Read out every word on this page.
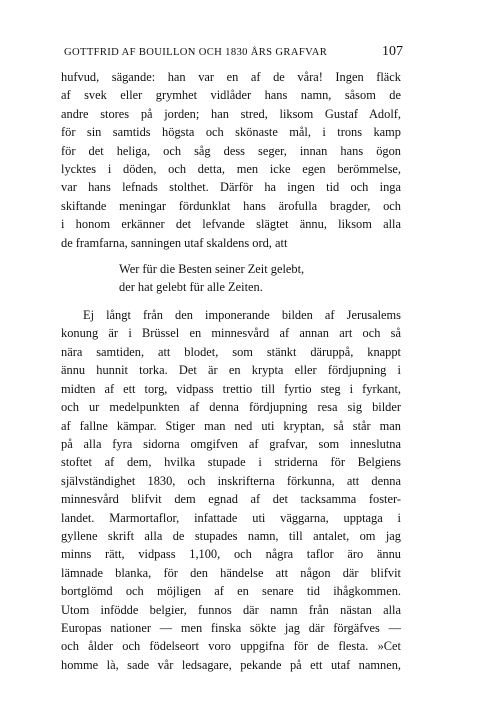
GOTTFRID AF BOUILLON OCH 1830 ÅRS GRAFVAR	107
hufvud, sägande: han var en af de våra! Ingen fläck
af svek eller grymhet vidlåder hans namn, såsom de
andre stores på jorden; han stred, liksom Gustaf Adolf,
för sin samtids högsta och skönaste mål, i trons kamp
för det heliga, och såg dess seger, innan hans ögon
lycktes i döden, och detta, men icke egen berömmelse,
var hans lefnads stolthet. Därför ha ingen tid och inga
skiftande meningar fördunklat hans ärofulla bragder, och
i honom erkänner det lefvande slägtet ännu, liksom alla
de framfarna, sanningen utaf skaldens ord, att
Wer für die Besten seiner Zeit gelebt,
der hat gelebt für alle Zeiten.
Ej långt från den imponerande bilden af Jerusalems
konung är i Brüssel en minnesvård af annan art och så
nära samtiden, att blodet, som stänkt däruppå, knappt
ännu hunnit torka. Det är en krypta eller fördjupning i
midten af ett torg, vidpass trettio till fyrtio steg i fyrkant,
och ur medelpunkten af denna fördjupning resa sig bilder
af fallne kämpar. Stiger man ned uti kryptan, så står man
på alla fyra sidorna omgifven af grafvar, som inneslutna
stoftet af dem, hvilka stupade i striderna för Belgiens
självständighet 1830, och inskrifterna förkunna, att denna
minnesvård blifvit dem egnad af det tacksamma foster-
landet. Marmortaflor, infattade uti väggarna, upptaga i
gyllene skrift alla de stupades namn, till antalet, om jag
minns rätt, vidpass 1,100, och några taflor äro ännu
lämnade blanka, för den händelse att någon där blifvit
bortglömd och möjligen af en senare tid ihågkommen.
Utom infödde belgier, funnos där namn från nästan alla
Europas nationer — men finska sökte jag där förgäfves —
och ålder och födelseort voro uppgifna för de flesta. »Cet
homme là, sade vår ledsagare, pekande på ett utaf namnen,
